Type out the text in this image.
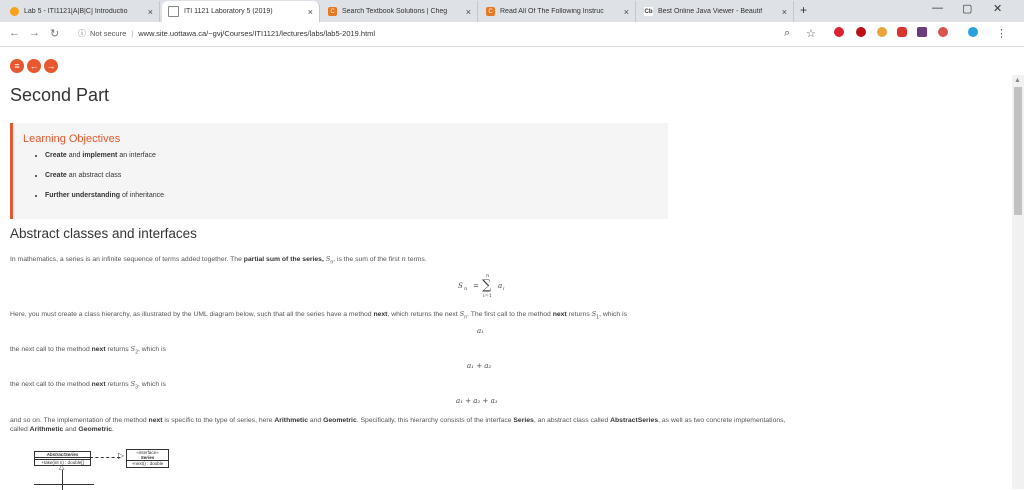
Lab 5 - ITI1121[A|B|C] Introductio	×	ITI 1121 Laboratory 5 (2019)	×	C	Search Textbook Solutions | Cheg	×	C	Read All Of The Following Instruc	×	Cb Best Online Java Viewer - Beautif	× +	— ▢ ✕
← → ↻ ⓘ Not secure | www.site.uottawa.ca/~gvj/Courses/ITI1121/lectures/labs/lab5-2019.html	⌕ ☆	⋮
▲
≡	← →
Second Part
Learning Objectives
• Create and implement an interface
• Create an abstract class
• Further understanding of inheritance
Abstract classes and interfaces
In mathematics, a series is an infinite sequence of terms added together. The partial sum of the series, $S_n$, is the sum of the first n terms.
S n = ∑
n
i=1
a i
Here, you must create a class hierarchy, as illustrated by the UML diagram below, such that all the series have a method next, which returns the next $S_n$. The first call to the method next returns $S_1$, which is
a₁
the next call to the method next returns $S_2$, which is
a₁ + a₂
the next call to the method next returns $S_3$, which is
a₁ + a₂ + a₃
and so on. The implementation of the method next is specific to the type of series, here Arithmetic and Geometric. Specifically, this hierarchy consists of the interface Series, an abstract class called AbstractSeries, as well as two concrete implementations,
called Arithmetic and Geometric.
AbstractSeries
+take(int n) : double[]
▷	«interface»
Series
+next() : double
△
